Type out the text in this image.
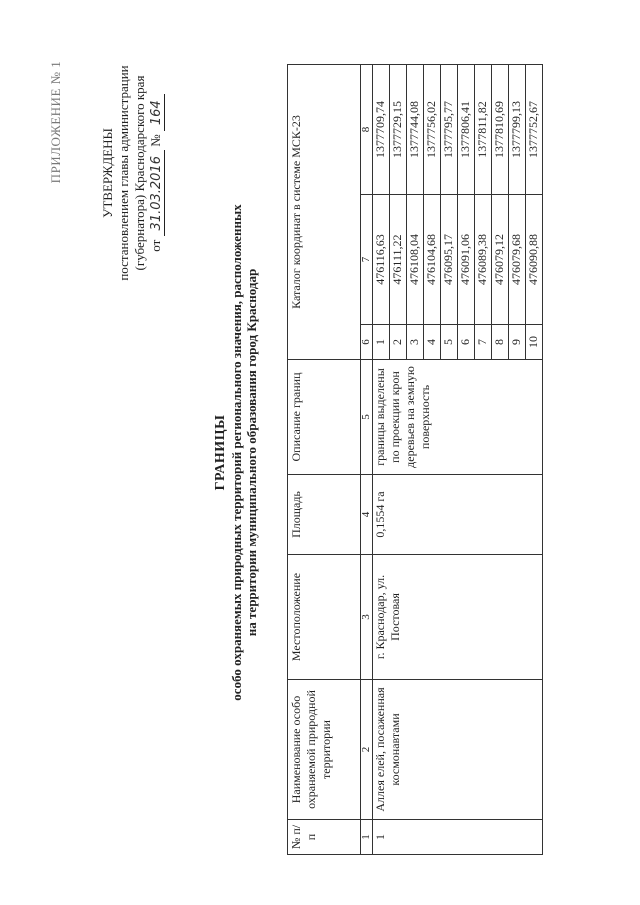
ПРИЛОЖЕНИЕ № 1	УТВЕРЖДЕНЫ постановлением главы администрации (губернатора) Краснодарского края от 31.03.2016 № 164
ГРАНИЦЫ особо охраняемых природных территорий регионального значения, расположенных на территории муниципального образования город Краснодар
№ п/п	Наименование особо охраняемой природной территории	Местоположение	Площадь	Описание границ	Каталог координат в системе МСК-23		
1	2	3	4	5	6	7	8
1	Аллея елей, посаженная космонавтами	г. Краснодар, ул. Постовая	0,1554 га	границы выделены по проекции крон деревьев на земную поверхность	1	476116,63	1377709,74
					2	476111,22	1377729,15
					3	476108,04	1377744,08
					4	476104,68	1377756,02
					5	476095,17	1377795,77
					6	476091,06	1377806,41
					7	476089,38	1377811,82
					8	476079,12	1377810,69
					9	476079,68	1377799,13
					10	476090,88	1377752,67
